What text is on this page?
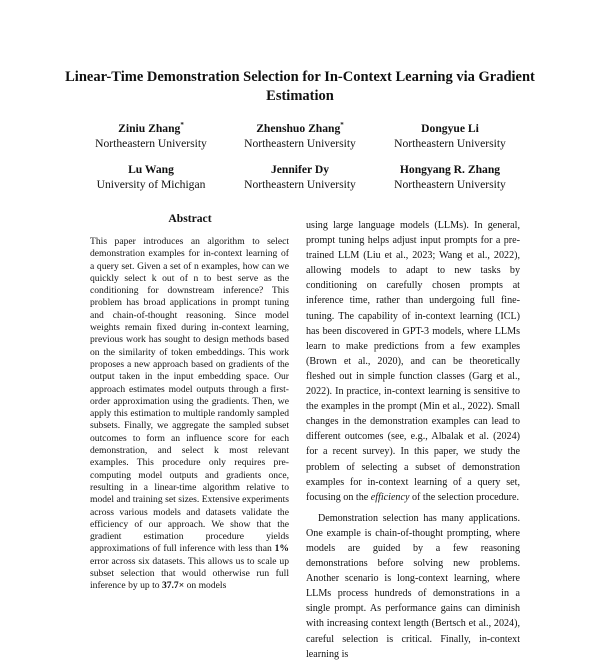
Linear-Time Demonstration Selection for In-Context Learning via Gradient Estimation
Ziniu Zhang*
Northeastern University
Zhenshuo Zhang*
Northeastern University
Dongyue Li
Northeastern University
Lu Wang
University of Michigan
Jennifer Dy
Northeastern University
Hongyang R. Zhang
Northeastern University
Abstract

This paper introduces an algorithm to select demonstration examples for in-context learning of a query set. Given a set of n examples, how can we quickly select k out of n to best serve as the conditioning for downstream inference? This problem has broad applications in prompt tuning and chain-of-thought reasoning. Since model weights remain fixed during in-context learning, previous work has sought to design methods based on the similarity of token embeddings. This work proposes a new approach based on gradients of the output taken in the input embedding space. Our approach estimates model outputs through a first-order approximation using the gradients. Then, we apply this estimation to multiple randomly sampled subsets. Finally, we aggregate the sampled subset outcomes to form an influence score for each demonstration, and select k most relevant examples. This procedure only requires pre-computing model outputs and gradients once, resulting in a linear-time algorithm relative to model and training set sizes. Extensive experiments across various models and datasets validate the efficiency of our approach. We show that the gradient estimation procedure yields approximations of full inference with less than 1% error across six datasets. This allows us to scale up subset selection that would otherwise run full inference by up to 37.7× on models

using large language models (LLMs). In general, prompt tuning helps adjust input prompts for a pre-trained LLM (Liu et al., 2023; Wang et al., 2022), allowing models to adapt to new tasks by conditioning on carefully chosen prompts at inference time, rather than undergoing full fine-tuning. The capability of in-context learning (ICL) has been discovered in GPT-3 models, where LLMs learn to make predictions from a few examples (Brown et al., 2020), and can be theoretically fleshed out in simple function classes (Garg et al., 2022). In practice, in-context learning is sensitive to the examples in the prompt (Min et al., 2022). Small changes in the demonstration examples can lead to different outcomes (see, e.g., Albalak et al. (2024) for a recent survey). In this paper, we study the problem of selecting a subset of demonstration examples for in-context learning of a query set, focusing on the efficiency of the selection procedure.

Demonstration selection has many applications. One example is chain-of-thought prompting, where models are guided by a few reasoning demonstrations before solving new problems. Another scenario is long-context learning, where LLMs process hundreds of demonstrations in a single prompt. As performance gains can diminish with increasing context length (Bertsch et al., 2024), careful selection is critical. Finally, in-context learning is
